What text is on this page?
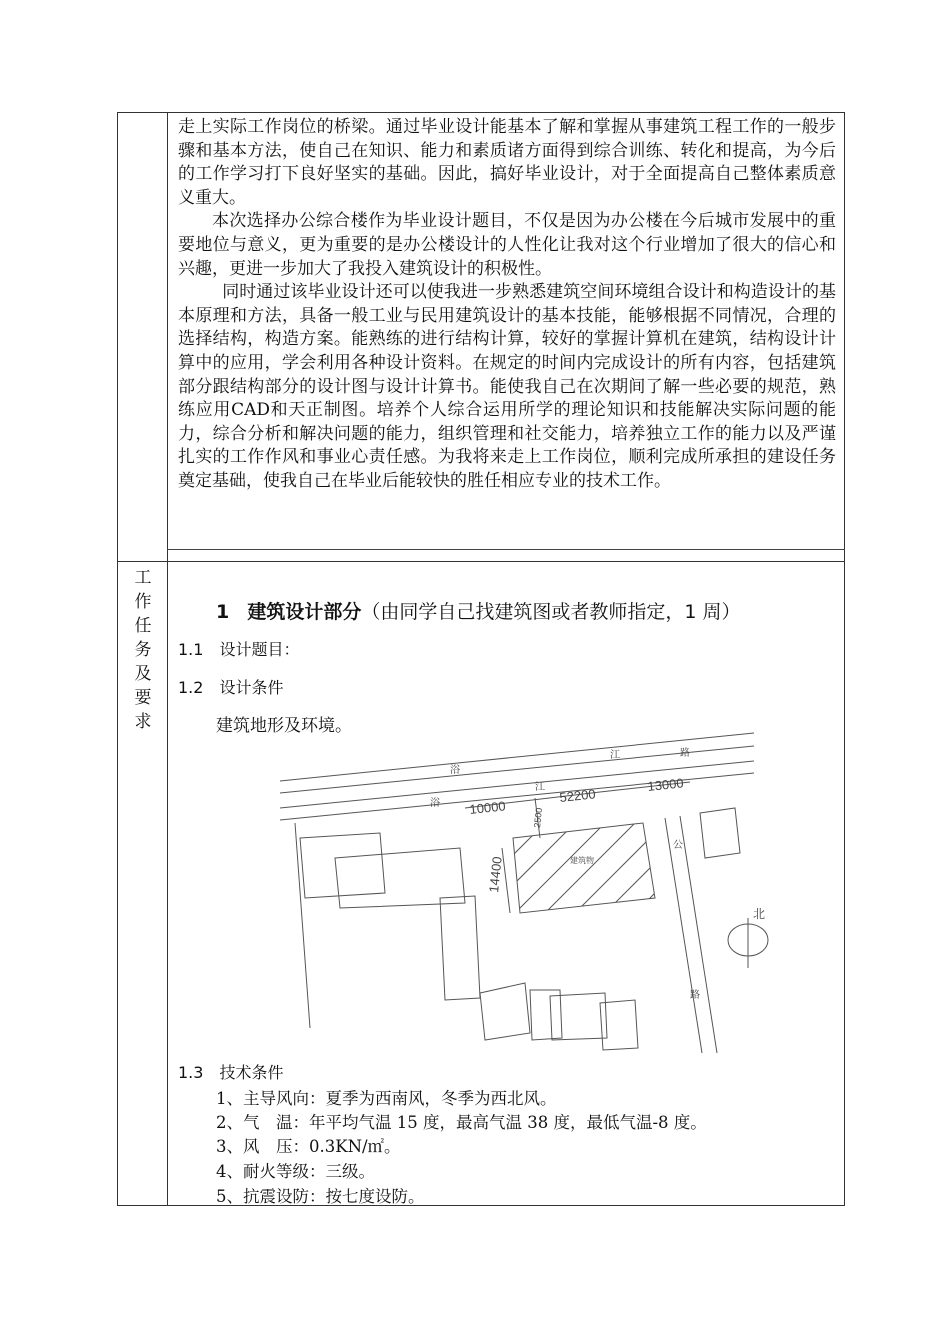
走上实际工作岗位的桥梁。通过毕业设计能基本了解和掌握从事建筑工程工作的一般步骤和基本方法，使自己在知识、能力和素质诸方面得到综合训练、转化和提高，为今后的工作学习打下良好坚实的基础。因此，搞好毕业设计，对于全面提高自己整体素质意义重大。

本次选择办公综合楼作为毕业设计题目，不仅是因为办公楼在今后城市发展中的重要地位与意义，更为重要的是办公楼设计的人性化让我对这个行业增加了很大的信心和兴趣，更进一步加大了我投入建筑设计的积极性。

同时通过该毕业设计还可以使我进一步熟悉建筑空间环境组合设计和构造设计的基本原理和方法，具备一般工业与民用建筑设计的基本技能，能够根据不同情况，合理的选择结构，构造方案。能熟练的进行结构计算，较好的掌握计算机在建筑，结构设计计算中的应用，学会利用各种设计资料。在规定的时间内完成设计的所有内容，包括建筑部分跟结构部分的设计图与设计计算书。能使我自己在次期间了解一些必要的规范，熟练应用CAD和天正制图。培养个人综合运用所学的理论知识和技能解决实际问题的能力，综合分析和解决问题的能力，组织管理和社交能力，培养独立工作的能力以及严谨扎实的工作作风和事业心责任感。为我将来走上工作岗位，顺利完成所承担的建设任务奠定基础，使我自己在毕业后能较快的胜任相应专业的技术工作。

工
作
任
务
及
要
求
1 建筑设计部分（由同学自己找建筑图或者教师指定，1 周）
1.1　设计题目：
1.2　设计条件
建筑地形及环境。
浴
江	路
浴
江
10000
52200
13000
2500
14400	建筑物
公
路
北
1.3　技术条件
1、主导风向：夏季为西南风，冬季为西北风。
2、气　温：年平均气温 15 度，最高气温 38 度，最低气温-8 度。
3、风　压：0.3KN/㎡。
4、耐火等级：三级。
5、抗震设防：按七度设防。
